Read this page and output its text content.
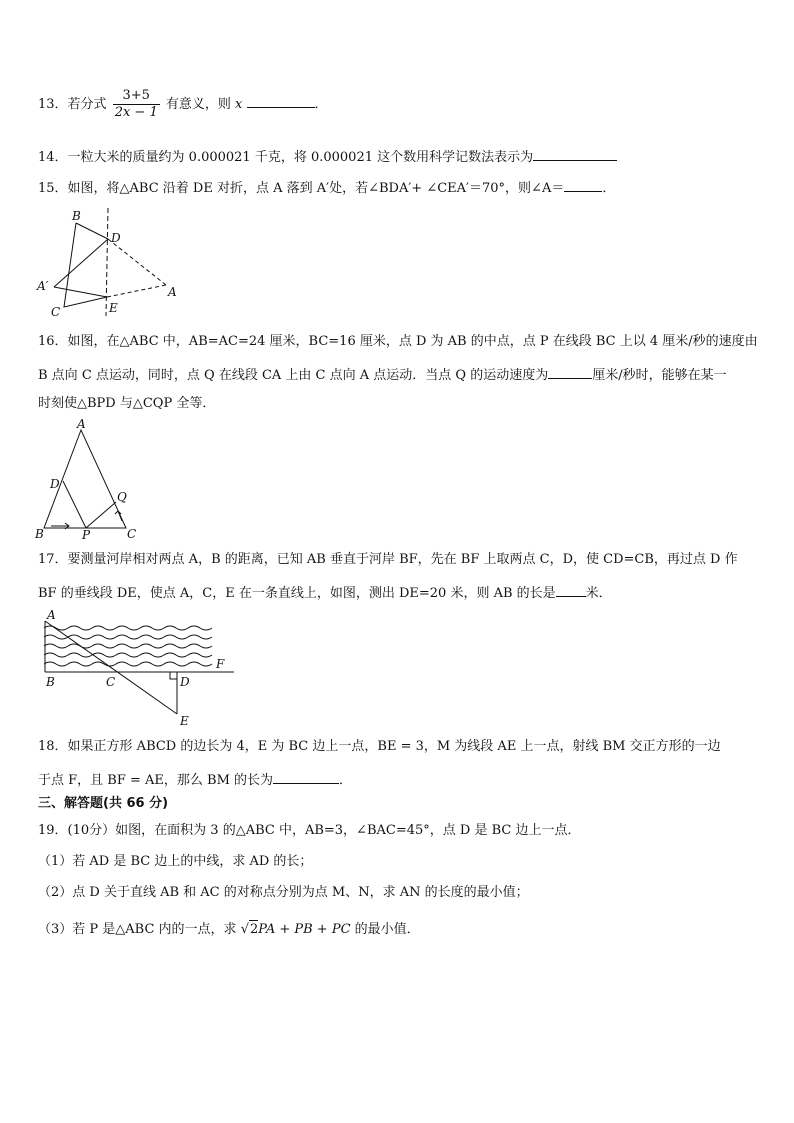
13．若分式 $\frac{3+5}{2x - 1}$ 有意义，则 x	．
14．一粒大米的质量约为 0.000021 千克，将 0.000021 这个数用科学记数法表示为
15．如图，将△ABC 沿着 DE 对折，点 A 落到 A′处，若∠BDA′+ ∠CEA′＝70°，则∠A＝	．
B
D
A′	A
C	E
16．如图，在△ABC 中，AB=AC=24 厘米，BC=16 厘米，点 D 为 AB 的中点，点 P 在线段 BC 上以 4 厘米/秒的速度由
B 点向 C 点运动，同时，点 Q 在线段 CA 上由 C 点向 A 点运动．当点 Q 的运动速度为	厘米/秒时，能够在某一
时刻使△BPD 与△CQP 全等．
A
D
Q
B	P	C
17．要测量河岸相对两点 A，B 的距离，已知 AB 垂直于河岸 BF，先在 BF 上取两点 C，D，使 CD=CB，再过点 D 作
BF 的垂线段 DE，使点 A，C，E 在一条直线上，如图，测出 DE=20 米，则 AB 的长是 米．
A
F
B	C	D
E
18．如果正方形 ABCD 的边长为 4，E 为 BC 边上一点，BE = 3，M 为线段 AE 上一点，射线 BM 交正方形的一边
于点 F，且 BF = AE，那么 BM 的长为	．
三、解答题(共 66 分)
19．(10分）如图，在面积为 3 的△ABC 中，AB=3，∠BAC=45°，点 D 是 BC 边上一点．
（1）若 AD 是 BC 边上的中线，求 AD 的长；
（2）点 D 关于直线 AB 和 AC 的对称点分别为点 M、N，求 AN 的长度的最小值；
（3）若 P 是△ABC 内的一点，求 √2PA + PB + PC 的最小值．
